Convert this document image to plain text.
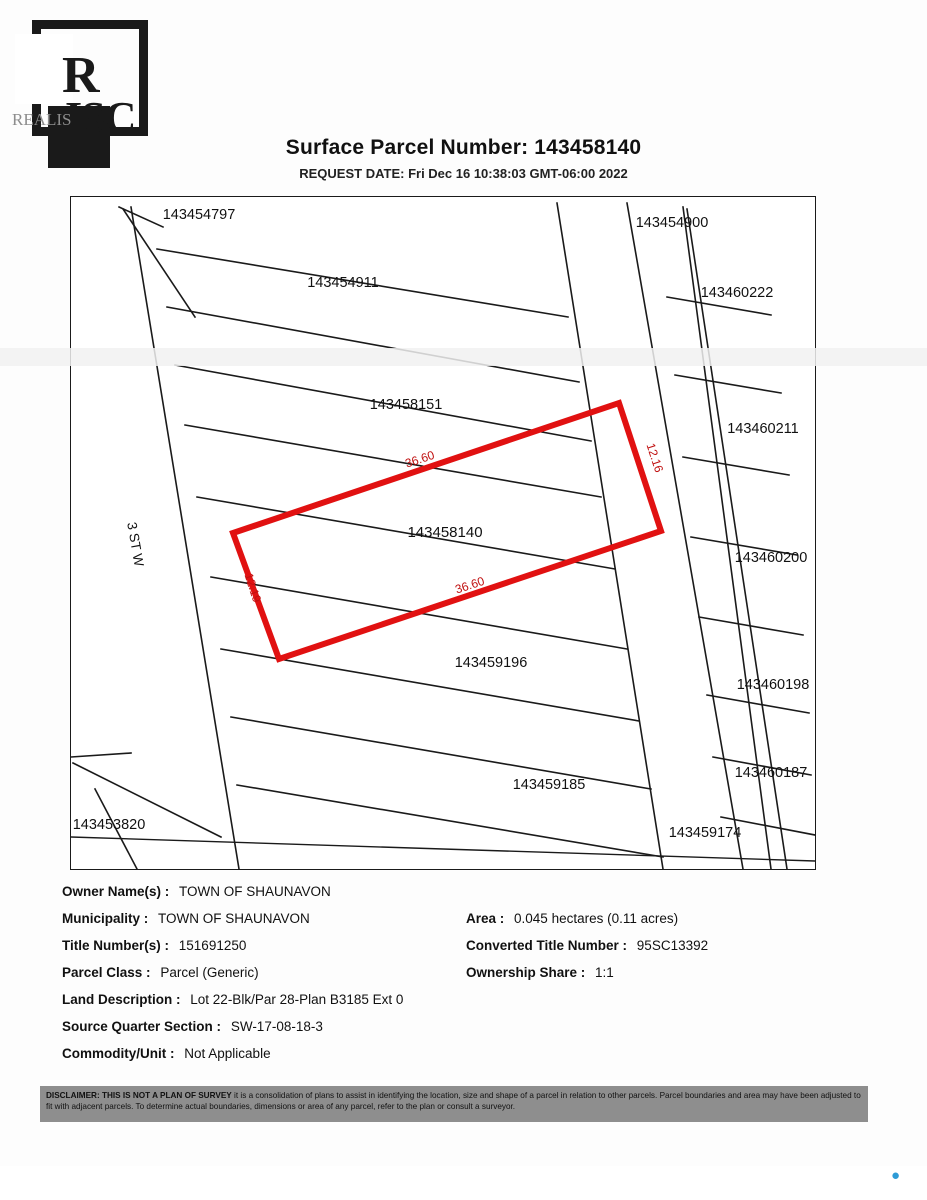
R
ISC
REALIS
Surface Parcel Number: 143458140
REQUEST DATE: Fri Dec 16 10:38:03 GMT-06:00 2022
143454797
143454911
143454900
143460222
143458151
143460211
143460200
143458140
143459196
143460198
143460187
143459185
143459174
143453820
3 ST W
36.60	12.16
36.60
12.19
Owner Name(s) : TOWN OF SHAUNAVON
Municipality : TOWN OF SHAUNAVON	Area : 0.045 hectares (0.11 acres)
Title Number(s) : 151691250	Converted Title Number : 95SC13392
Parcel Class : Parcel (Generic)	Ownership Share : 1:1
Land Description : Lot 22-Blk/Par 28-Plan B3185 Ext 0
Source Quarter Section : SW-17-08-18-3
Commodity/Unit : Not Applicable
DISCLAIMER: THIS IS NOT A PLAN OF SURVEY it is a consolidation of plans to assist in identifying the location, size and shape of a parcel in relation to other parcels. Parcel boundaries and area may have been adjusted to fit with adjacent parcels. To determine actual boundaries, dimensions or area of any parcel, refer to the plan or consult a surveyor.
●
